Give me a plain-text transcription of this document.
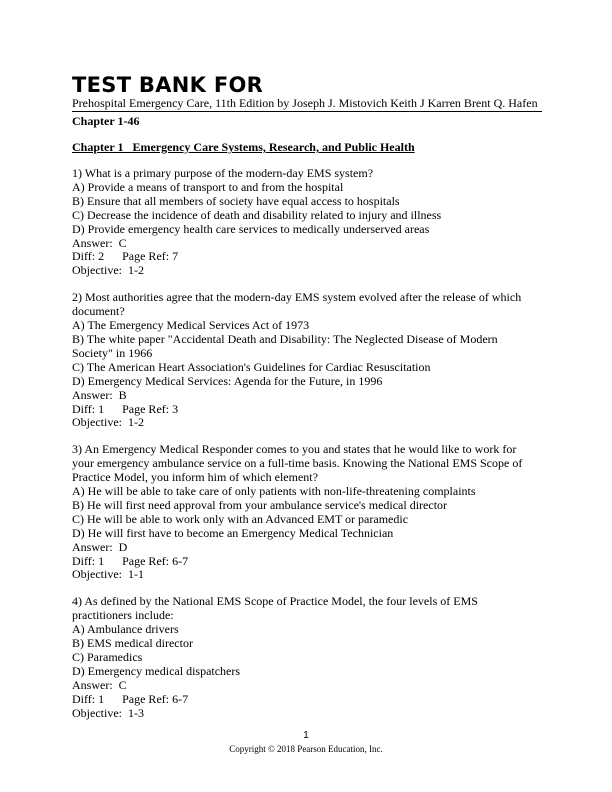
TEST BANK FOR
Prehospital Emergency Care, 11th Edition by Joseph J. Mistovich Keith J Karren Brent Q. Hafen
Chapter 1-46
Chapter 1   Emergency Care Systems, Research, and Public Health
1) What is a primary purpose of the modern-day EMS system?
A) Provide a means of transport to and from the hospital
B) Ensure that all members of society have equal access to hospitals
C) Decrease the incidence of death and disability related to injury and illness
D) Provide emergency health care services to medically underserved areas
Answer:  C
Diff: 2      Page Ref: 7
Objective:  1-2
2) Most authorities agree that the modern-day EMS system evolved after the release of which
document?
A) The Emergency Medical Services Act of 1973
B) The white paper "Accidental Death and Disability: The Neglected Disease of Modern
Society" in 1966
C) The American Heart Association's Guidelines for Cardiac Resuscitation
D) Emergency Medical Services: Agenda for the Future, in 1996
Answer:  B
Diff: 1      Page Ref: 3
Objective:  1-2
3) An Emergency Medical Responder comes to you and states that he would like to work for
your emergency ambulance service on a full-time basis. Knowing the National EMS Scope of
Practice Model, you inform him of which element?
A) He will be able to take care of only patients with non-life-threatening complaints
B) He will first need approval from your ambulance service's medical director
C) He will be able to work only with an Advanced EMT or paramedic
D) He will first have to become an Emergency Medical Technician
Answer:  D
Diff: 1      Page Ref: 6-7
Objective:  1-1
4) As defined by the National EMS Scope of Practice Model, the four levels of EMS
practitioners include:
A) Ambulance drivers
B) EMS medical director
C) Paramedics
D) Emergency medical dispatchers
Answer:  C
Diff: 1      Page Ref: 6-7
Objective:  1-3
1
Copyright © 2018 Pearson Education, Inc.
